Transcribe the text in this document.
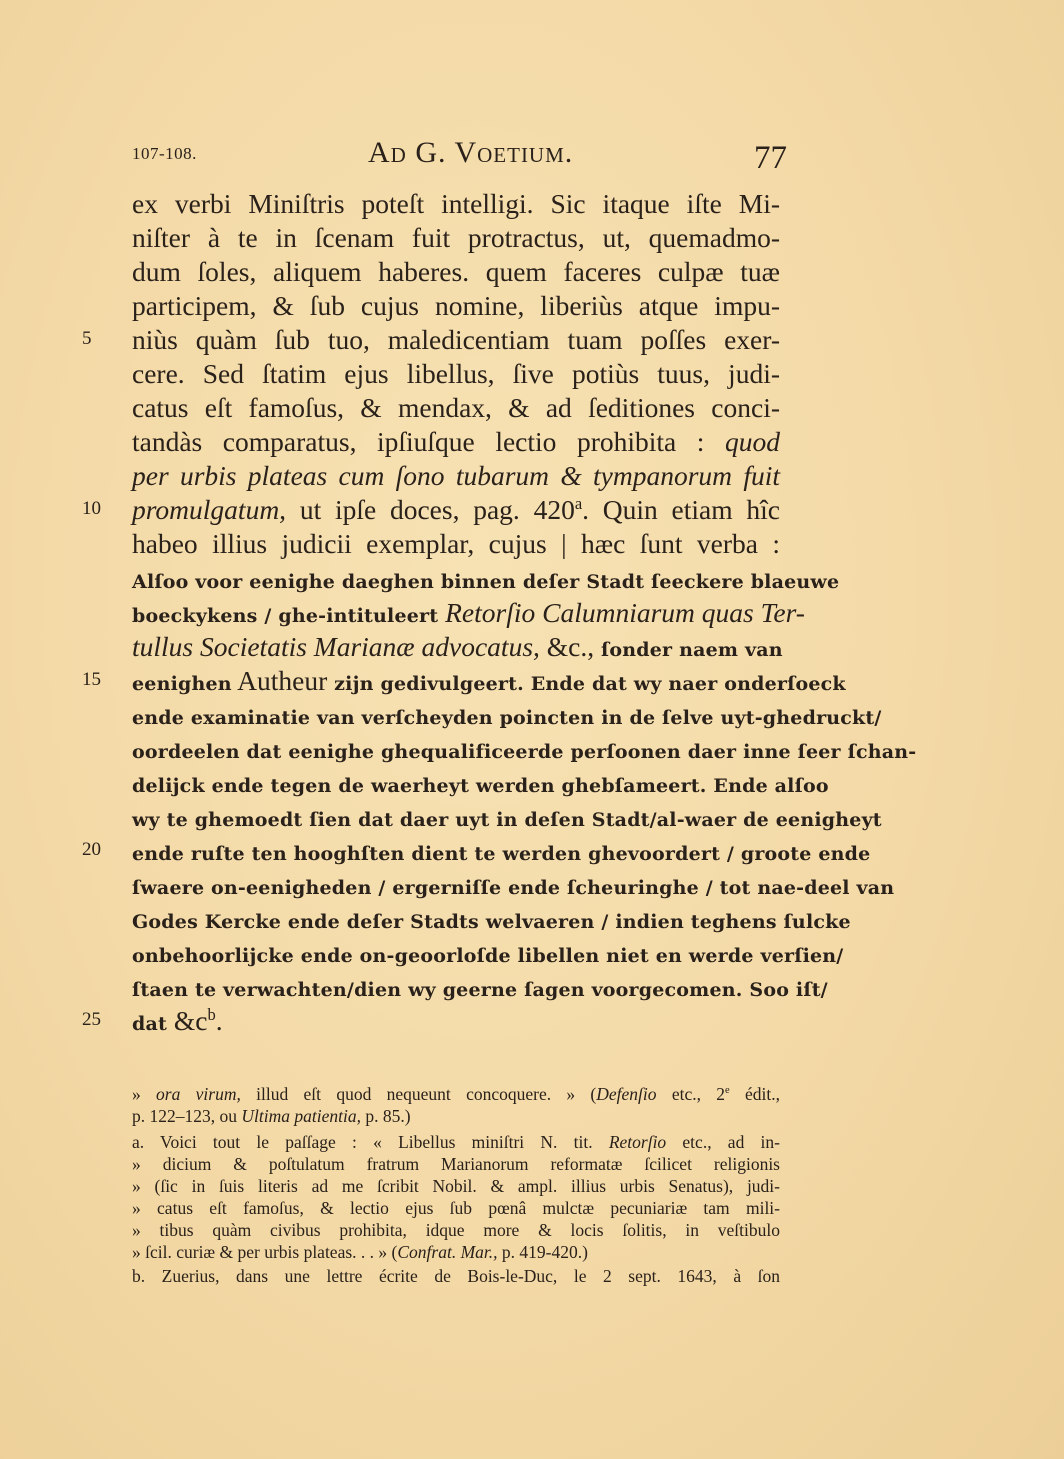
107-108.	Ad G. Voetium.	77
ex verbi Miniſtris poteſt intelligi. Sic itaque iſte Mi-
niſter à te in ſcenam fuit protractus, ut, quemadmo-
dum ſoles, aliquem haberes. quem faceres culpæ tuæ
participem, & ſub cujus nomine, liberiùs atque impu-
5	niùs quàm ſub tuo, maledicentiam tuam poſſes exer-
cere. Sed ſtatim ejus libellus, ſive potiùs tuus, judi-
catus eſt famoſus, & mendax, & ad ſeditiones conci-
tandàs comparatus, ipſiuſque lectio prohibita : quod
per urbis plateas cum ſono tubarum & tympanorum fuit
10	promulgatum, ut ipſe doces, pag. 420$^a$. Quin etiam hîc
habeo illius judicii exemplar, cujus | hæc ſunt verba :
Alſoo voor eenighe daeghen binnen deſer Stadt ſeeckere blaeuwe
boeckykens / ghe-intituleert Retorſio Calumniarum quas Ter-
tullus Societatis Marianæ advocatus, &c., ſonder naem van
15	eenighen Autheur zijn gedivulgeert. Ende dat wy naer onderſoeck
ende examinatie van verſcheyden poincten in de ſelve uyt-ghedruckt/
oordeelen dat eenighe ghequalificeerde perſoonen daer inne ſeer ſchan-
delijck ende tegen de waerheyt werden ghebſameert. Ende alſoo
wy te ghemoedt ſien dat daer uyt in deſen Stadt/al-waer de eenigheyt
20	ende ruſte ten hooghſten dient te werden ghevoordert / groote ende
ſwaere on-eenigheden / ergerniſſe ende ſcheuringhe / tot nae-deel van
Godes Kercke ende deſer Stadts welvaeren / indien teghens ſulcke
onbehoorlijcke ende on-geoorloſde libellen niet en werde verſien/
ſtaen te verwachten/dien wy geerne ſagen voorgecomen. Soo iſt/
25	dat $\&c^b$.
» ora virum, illud eſt quod nequeunt concoquere. » (Defenſio etc., 2e édit.,
p. 122–123, ou Ultima patientia, p. 85.)
a. Voici tout le paſſage : « Libellus miniſtri N. tit. Retorſio etc., ad in-
» dicium & poſtulatum fratrum Marianorum reformatæ ſcilicet religionis
» (ſic in ſuis literis ad me ſcribit Nobil. & ampl. illius urbis Senatus), judi-
» catus eſt famoſus, & lectio ejus ſub pœnâ mulctæ pecuniariæ tam mili-
» tibus quàm civibus prohibita, idque more & locis ſolitis, in veſtibulo
» ſcil. curiæ & per urbis plateas. . . » (Confrat. Mar., p. 419-420.)
b. Zuerius, dans une lettre écrite de Bois-le-Duc, le 2 sept. 1643, à ſon
